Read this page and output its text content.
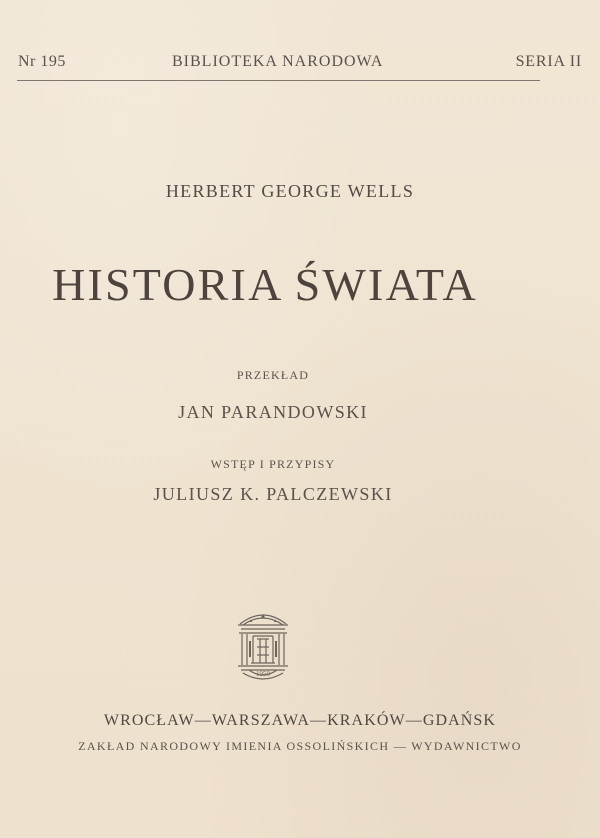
Nr 195	BIBLIOTEKA NARODOWA	SERIA II
HERBERT GEORGE WELLS
HISTORIA ŚWIATA
PRZEKŁAD
JAN PARANDOWSKI
WSTĘP I PRZYPISY
JULIUSZ K. PALCZEWSKI
1950
WROCŁAW—WARSZAWA—KRAKÓW—GDAŃSK
ZAKŁAD NARODOWY IMIENIA OSSOLIŃSKICH — WYDAWNICTWO
